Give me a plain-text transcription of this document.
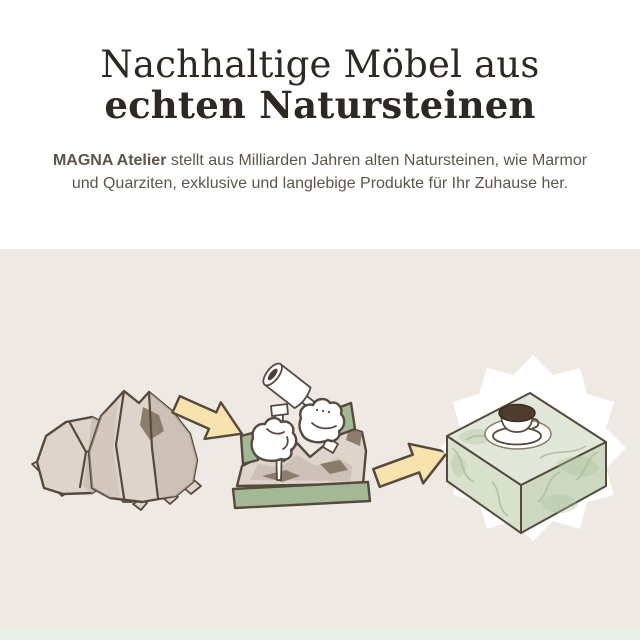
Nachhaltige Möbel aus
echten Natursteinen

MAGNA Atelier stellt aus Milliarden Jahren alten Natursteinen, wie Marmor und Quarziten, exklusive und langlebige Produkte für Ihr Zuhause her.
